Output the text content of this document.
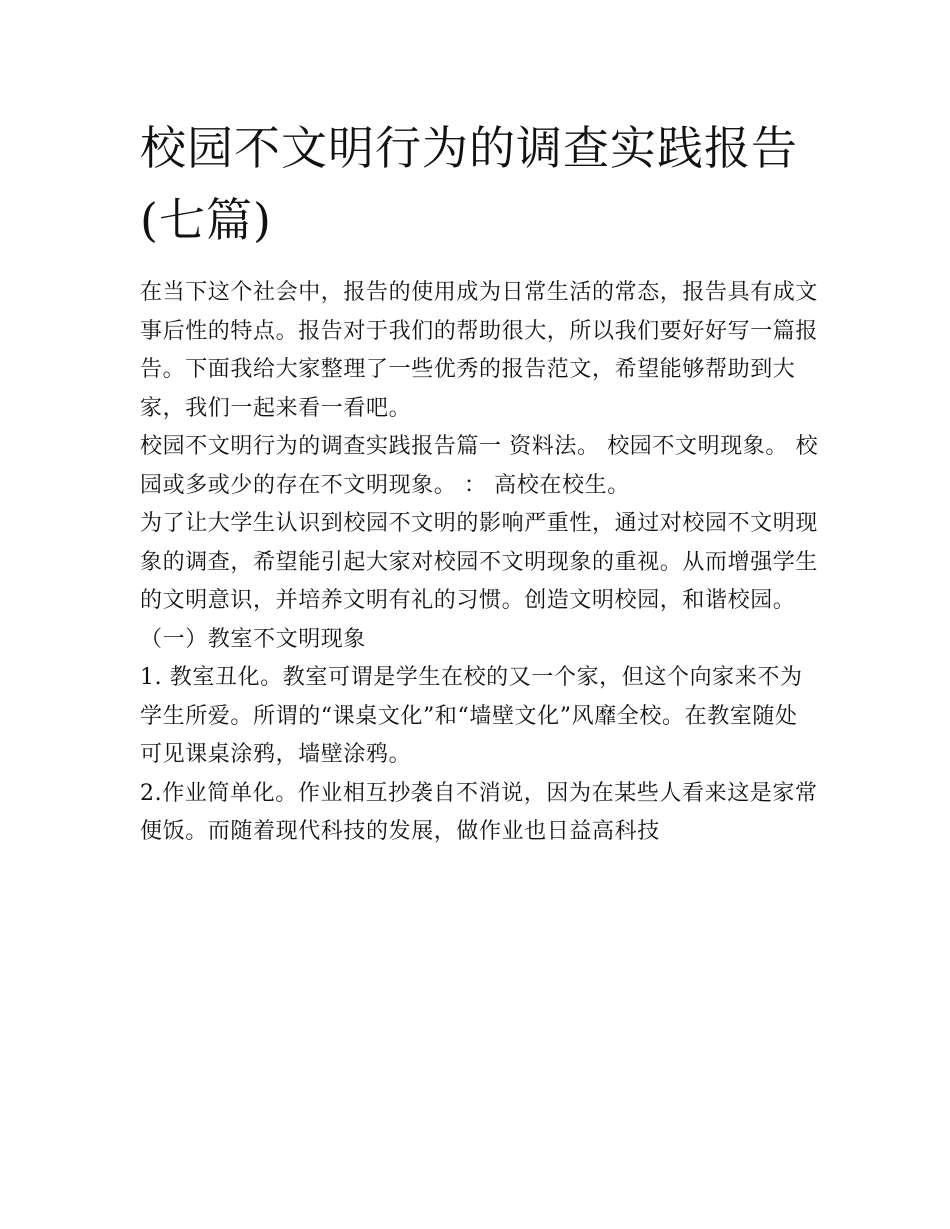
校园不文明行为的调查实践报告(七篇)

在当下这个社会中，报告的使用成为日常生活的常态，报告具有成文事后性的特点。报告对于我们的帮助很大，所以我们要好好写一篇报告。下面我给大家整理了一些优秀的报告范文，希望能够帮助到大家，我们一起来看一看吧。

校园不文明行为的调查实践报告篇一 资料法。 校园不文明现象。 校园或多或少的存在不文明现象。 ： 高校在校生。

为了让大学生认识到校园不文明的影响严重性，通过对校园不文明现象的调查，希望能引起大家对校园不文明现象的重视。从而增强学生的文明意识，并培养文明有礼的习惯。创造文明校园，和谐校园。

（一）教室不文明现象

1. 教室丑化。教室可谓是学生在校的又一个家，但这个向家来不为学生所爱。所谓的“课桌文化”和“墙壁文化”风靡全校。在教室随处可见课桌涂鸦，墙壁涂鸦。

2.作业简单化。作业相互抄袭自不消说，因为在某些人看来这是家常便饭。而随着现代科技的发展，做作业也日益高科技
